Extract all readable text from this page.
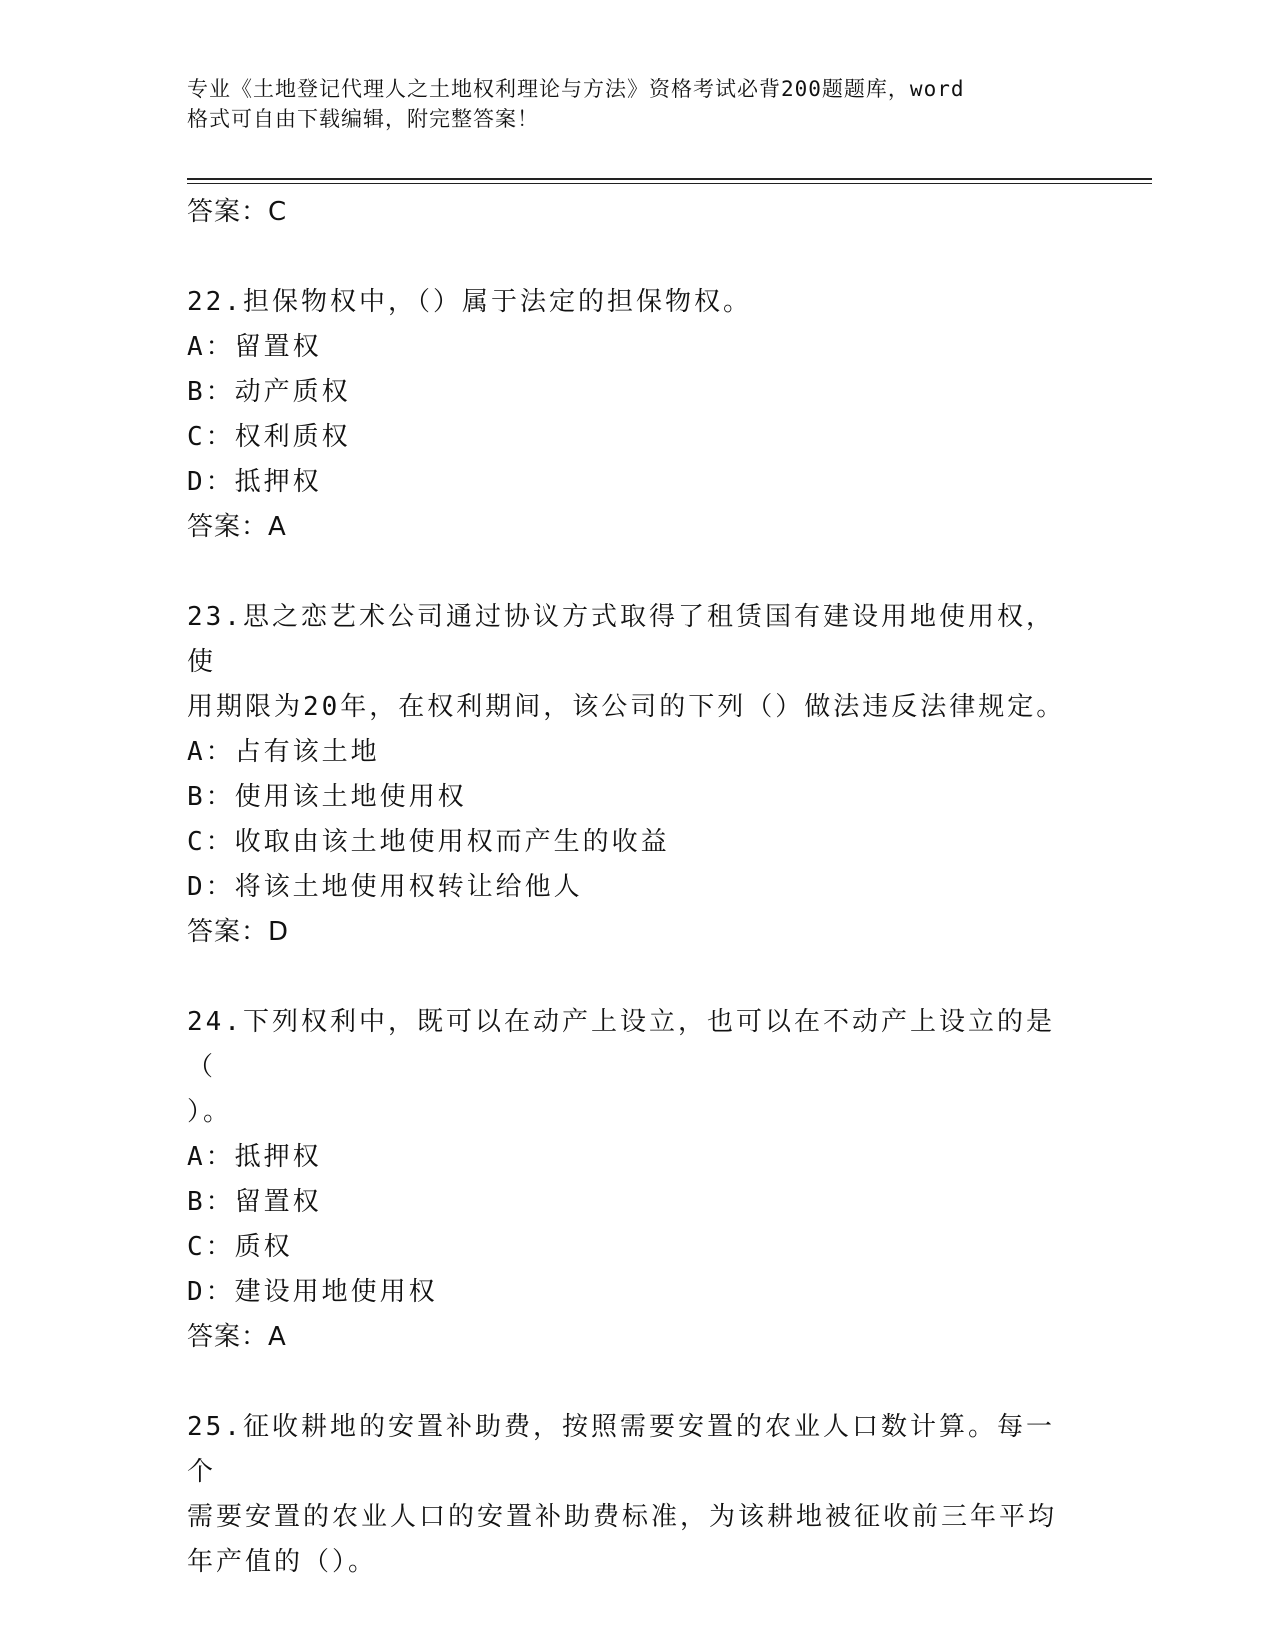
专业《土地登记代理人之土地权利理论与方法》资格考试必背200题题库，word
格式可自由下载编辑，附完整答案！
答案：C
22.担保物权中，（）属于法定的担保物权。
A：留置权
B：动产质权
C：权利质权
D：抵押权
答案：A
23.思之恋艺术公司通过协议方式取得了租赁国有建设用地使用权，使
用期限为20年，在权利期间，该公司的下列（）做法违反法律规定。
A：占有该土地
B：使用该土地使用权
C：收取由该土地使用权而产生的收益
D：将该土地使用权转让给他人
答案：D
24.下列权利中，既可以在动产上设立，也可以在不动产上设立的是（
）。
A：抵押权
B：留置权
C：质权
D：建设用地使用权
答案：A
25.征收耕地的安置补助费，按照需要安置的农业人口数计算。每一个
需要安置的农业人口的安置补助费标准，为该耕地被征收前三年平均
年产值的（）。
